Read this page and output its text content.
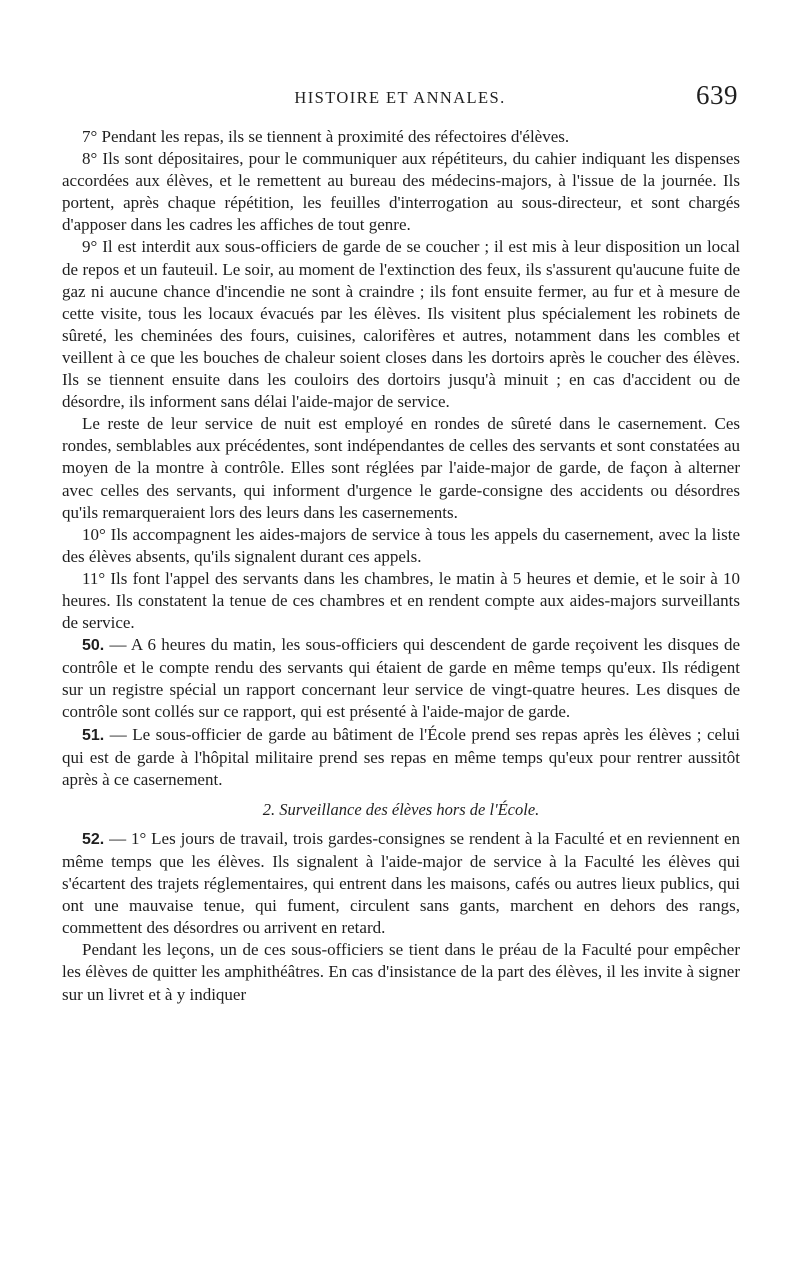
HISTOIRE ET ANNALES.	639

7° Pendant les repas, ils se tiennent à proximité des réfectoires d'élèves.

8° Ils sont dépositaires, pour le communiquer aux répétiteurs, du cahier indiquant les dispenses accordées aux élèves, et le remettent au bureau des médecins-majors, à l'issue de la journée. Ils portent, après chaque répétition, les feuilles d'interrogation au sous-directeur, et sont chargés d'apposer dans les cadres les affiches de tout genre.

9° Il est interdit aux sous-officiers de garde de se coucher ; il est mis à leur disposition un local de repos et un fauteuil. Le soir, au moment de l'extinction des feux, ils s'assurent qu'aucune fuite de gaz ni aucune chance d'incendie ne sont à craindre ; ils font ensuite fermer, au fur et à mesure de cette visite, tous les locaux évacués par les élèves. Ils visitent plus spécialement les robinets de sûreté, les cheminées des fours, cuisines, calorifères et autres, notamment dans les combles et veillent à ce que les bouches de chaleur soient closes dans les dortoirs après le coucher des élèves. Ils se tiennent ensuite dans les couloirs des dortoirs jusqu'à minuit ; en cas d'accident ou de désordre, ils informent sans délai l'aide-major de service.

Le reste de leur service de nuit est employé en rondes de sûreté dans le casernement. Ces rondes, semblables aux précédentes, sont indépendantes de celles des servants et sont constatées au moyen de la montre à contrôle. Elles sont réglées par l'aide-major de garde, de façon à alterner avec celles des servants, qui informent d'urgence le garde-consigne des accidents ou désordres qu'ils remarqueraient lors des leurs dans les casernements.

10° Ils accompagnent les aides-majors de service à tous les appels du casernement, avec la liste des élèves absents, qu'ils signalent durant ces appels.

11° Ils font l'appel des servants dans les chambres, le matin à 5 heures et demie, et le soir à 10 heures. Ils constatent la tenue de ces chambres et en rendent compte aux aides-majors surveillants de service.

50. — A 6 heures du matin, les sous-officiers qui descendent de garde reçoivent les disques de contrôle et le compte rendu des servants qui étaient de garde en même temps qu'eux. Ils rédigent sur un registre spécial un rapport concernant leur service de vingt-quatre heures. Les disques de contrôle sont collés sur ce rapport, qui est présenté à l'aide-major de garde.

51. — Le sous-officier de garde au bâtiment de l'École prend ses repas après les élèves ; celui qui est de garde à l'hôpital militaire prend ses repas en même temps qu'eux pour rentrer aussitôt après à ce casernement.

2. Surveillance des élèves hors de l'École.

52. — 1° Les jours de travail, trois gardes-consignes se rendent à la Faculté et en reviennent en même temps que les élèves. Ils signalent à l'aide-major de service à la Faculté les élèves qui s'écartent des trajets réglementaires, qui entrent dans les maisons, cafés ou autres lieux publics, qui ont une mauvaise tenue, qui fument, circulent sans gants, marchent en dehors des rangs, commettent des désordres ou arrivent en retard.

Pendant les leçons, un de ces sous-officiers se tient dans le préau de la Faculté pour empêcher les élèves de quitter les amphithéâtres. En cas d'insistance de la part des élèves, il les invite à signer sur un livret et à y indiquer
